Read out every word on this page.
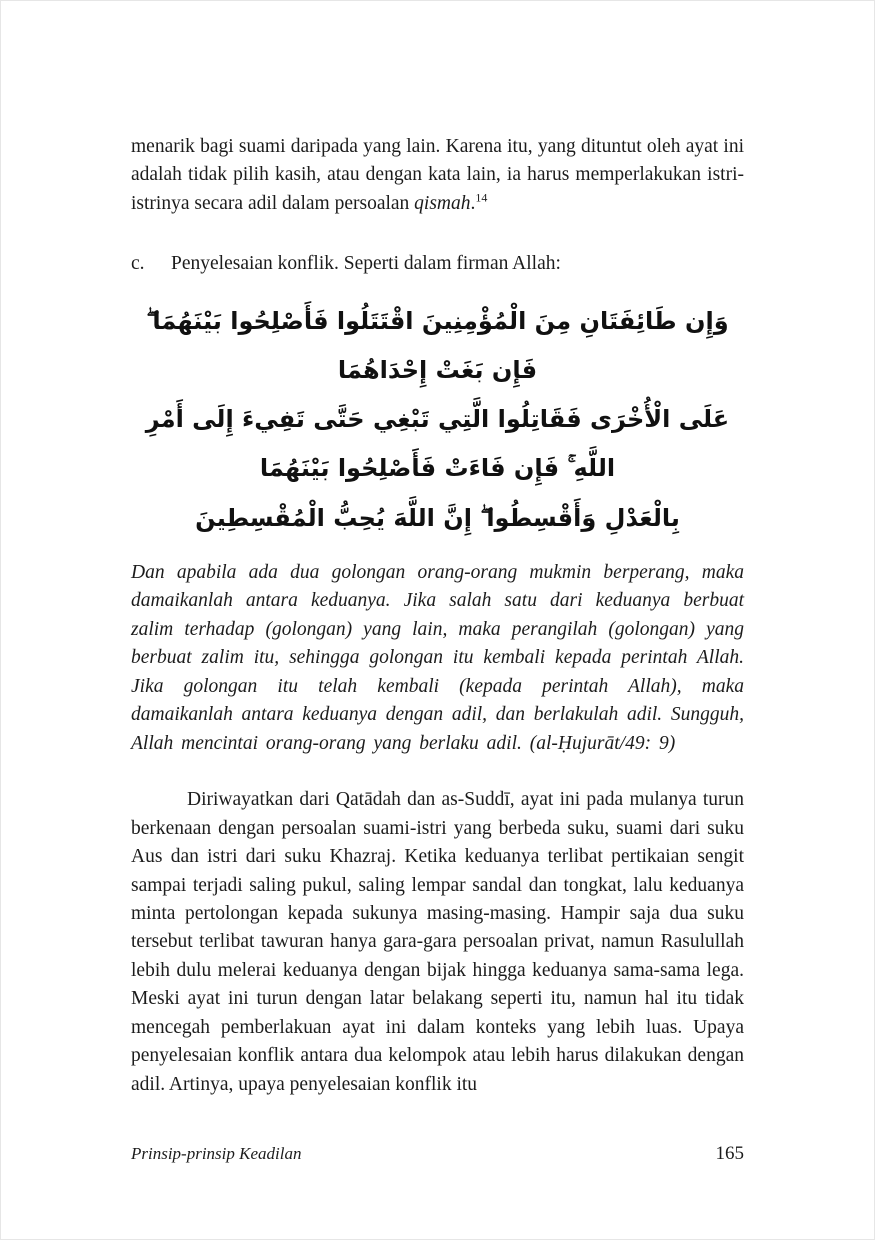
menarik bagi suami daripada yang lain. Karena itu, yang dituntut oleh ayat ini adalah tidak pilih kasih, atau dengan kata lain, ia harus memperlakukan istri-istrinya secara adil dalam persoalan qismah.$^{14}$

c.	Penyelesaian konflik. Seperti dalam firman Allah:
وَإِن طَائِفَتَانِ مِنَ الْمُؤْمِنِينَ اقْتَتَلُوا فَأَصْلِحُوا بَيْنَهُمَا ۖ فَإِن بَغَتْ إِحْدَاهُمَا
عَلَى الْأُخْرَى فَقَاتِلُوا الَّتِي تَبْغِي حَتَّى تَفِيءَ إِلَى أَمْرِ اللَّهِ ۚ فَإِن فَاءَتْ فَأَصْلِحُوا بَيْنَهُمَا
بِالْعَدْلِ وَأَقْسِطُوا ۖ إِنَّ اللَّهَ يُحِبُّ الْمُقْسِطِينَ

Dan apabila ada dua golongan orang-orang mukmin berperang, maka damaikanlah antara keduanya. Jika salah satu dari keduanya berbuat zalim terhadap (golongan) yang lain, maka perangilah (golongan) yang berbuat zalim itu, sehingga golongan itu kembali kepada perintah Allah. Jika golongan itu telah kembali (kepada perintah Allah), maka damaikanlah antara keduanya dengan adil, dan berlakulah adil. Sungguh, Allah mencintai orang-orang yang berlaku adil. (al-Ḥujurāt/49: 9)

Diriwayatkan dari Qatādah dan as-Suddī, ayat ini pada mulanya turun berkenaan dengan persoalan suami-istri yang berbeda suku, suami dari suku Aus dan istri dari suku Khazraj. Ketika keduanya terlibat pertikaian sengit sampai terjadi saling pukul, saling lempar sandal dan tongkat, lalu keduanya minta pertolongan kepada sukunya masing-masing. Hampir saja dua suku tersebut terlibat tawuran hanya gara-gara persoalan privat, namun Rasulullah lebih dulu melerai keduanya dengan bijak hingga keduanya sama-sama lega. Meski ayat ini turun dengan latar belakang seperti itu, namun hal itu tidak mencegah pemberlakuan ayat ini dalam konteks yang lebih luas. Upaya penyelesaian konflik antara dua kelompok atau lebih harus dilakukan dengan adil. Artinya, upaya penyelesaian konflik itu

Prinsip-prinsip Keadilan	165
